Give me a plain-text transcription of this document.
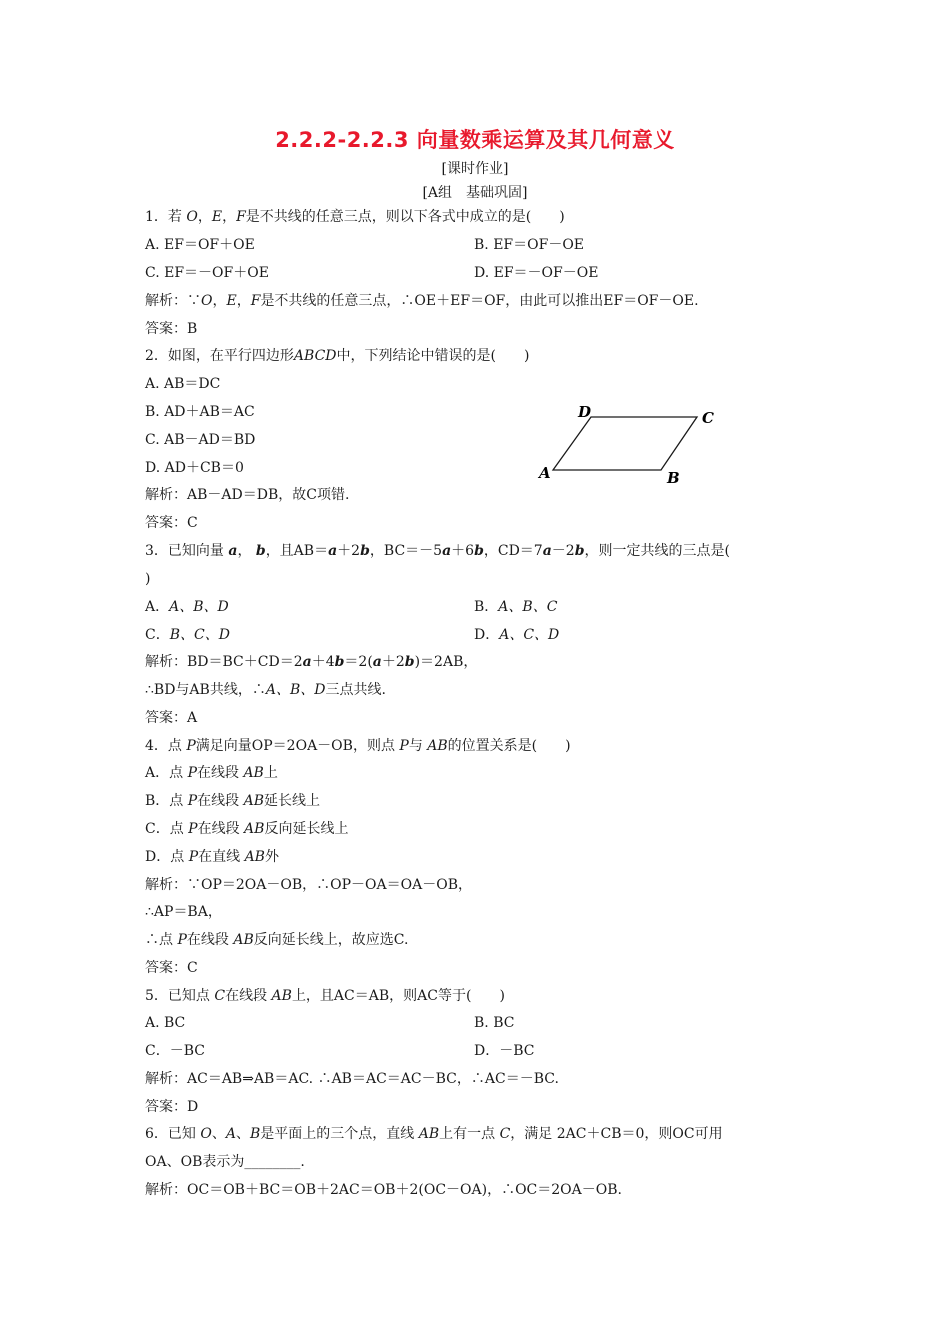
2.2.2-2.2.3 向量数乘运算及其几何意义
[课时作业]
[A组　基础巩固]
1．若 O，E，F是不共线的任意三点，则以下各式中成立的是(　　)
A. EF＝OF＋OE	B. EF＝OF－OE
C. EF＝－OF＋OE	D. EF＝－OF－OE
解析：∵O，E，F是不共线的任意三点，∴OE＋EF＝OF，由此可以推出EF＝OF－OE.
答案：B
2．如图，在平行四边形ABCD中，下列结论中错误的是(　　)
A. AB＝DC
B. AD＋AB＝AC
C. AB－AD＝BD
D. AD＋CB＝0
解析：AB－AD＝DB，故C项错.
答案：C
A	B
C
D
3．已知向量 a， b，且AB＝a＋2b，BC＝－5a＋6b，CD＝7a－2b，则一定共线的三点是(
)
A．A、B、D	B．A、B、C
C．B、C、D	D．A、C、D
解析：BD＝BC＋CD＝2a＋4b＝2(a＋2b)＝2AB，
∴BD与AB共线，∴A、B、D三点共线.
答案：A
4．点 P满足向量OP＝2OA－OB，则点 P与 AB的位置关系是(　　)
A．点 P在线段 AB上
B．点 P在线段 AB延长线上
C．点 P在线段 AB反向延长线上
D．点 P在直线 AB外
解析：∵OP＝2OA－OB，∴OP－OA＝OA－OB，
∴AP＝BA，
∴点 P在线段 AB反向延长线上，故应选C.
答案：C
5．已知点 C在线段 AB上，且AC＝AB，则AC等于(　　)
A. BC	B. BC
C．－BC	D．－BC
解析：AC＝AB⇒AB＝AC. ∴AB＝AC＝AC－BC，∴AC＝－BC.
答案：D
6．已知 O、A、B是平面上的三个点，直线 AB上有一点 C，满足 2AC＋CB＝0，则OC可用
OA、OB表示为________.
解析：OC＝OB＋BC＝OB＋2AC＝OB＋2(OC－OA)，∴OC＝2OA－OB.
